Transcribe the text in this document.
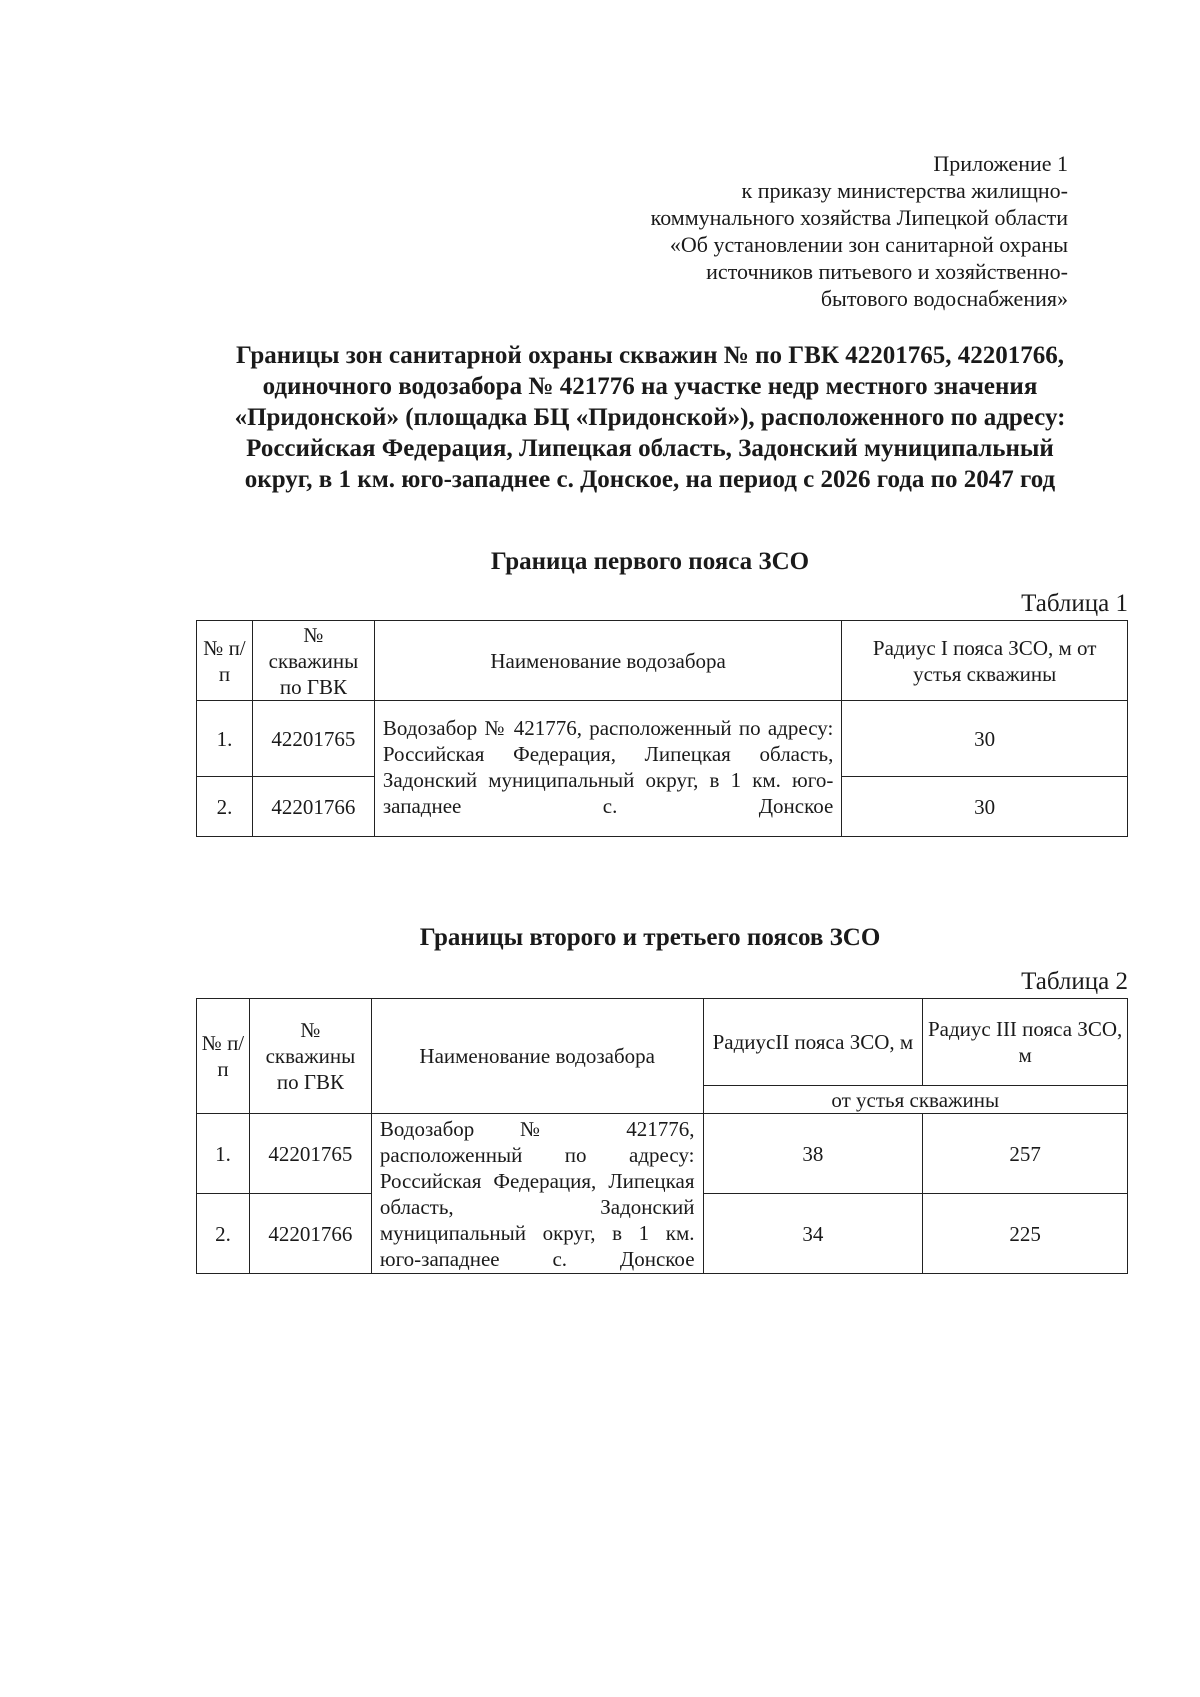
Приложение 1
к приказу министерства жилищно-
коммунального хозяйства Липецкой области
«Об установлении зон санитарной охраны
источников питьевого и хозяйственно-
бытового водоснабжения»
Границы зон санитарной охраны скважин № по ГВК 42201765, 42201766,
одиночного водозабора № 421776 на участке недр местного значения
«Придонской» (площадка БЦ «Придонской»), расположенного по адресу:
Российская Федерация, Липецкая область, Задонский муниципальный
округ, в 1 км. юго-западнее с. Донское, на период с 2026 года по 2047 год
Граница первого пояса ЗСО
Таблица 1
№ п/п	№ скважины по ГВК	Наименование водозабора	Радиус I пояса ЗСО, м от устья скважины
1.	42201765	Водозабор № 421776, расположенный по адресу: Российская Федерация, Липецкая область, Задонский муниципальный округ, в 1 км. юго-западнее с. Донское	30
2.	42201766		30
Границы второго и третьего поясов ЗСО
Таблица 2
№ п/п	№ скважины по ГВК	Наименование водозабора	РадиусII пояса ЗСО, м	Радиус III пояса ЗСО, м
			от устья скважины	
1.	42201765	Водозабор № 421776, расположенный по адресу: Российская Федерация, Липецкая область, Задонский муниципальный округ, в 1 км. юго-западнее с. Донское	38	257
2.	42201766		34	225
